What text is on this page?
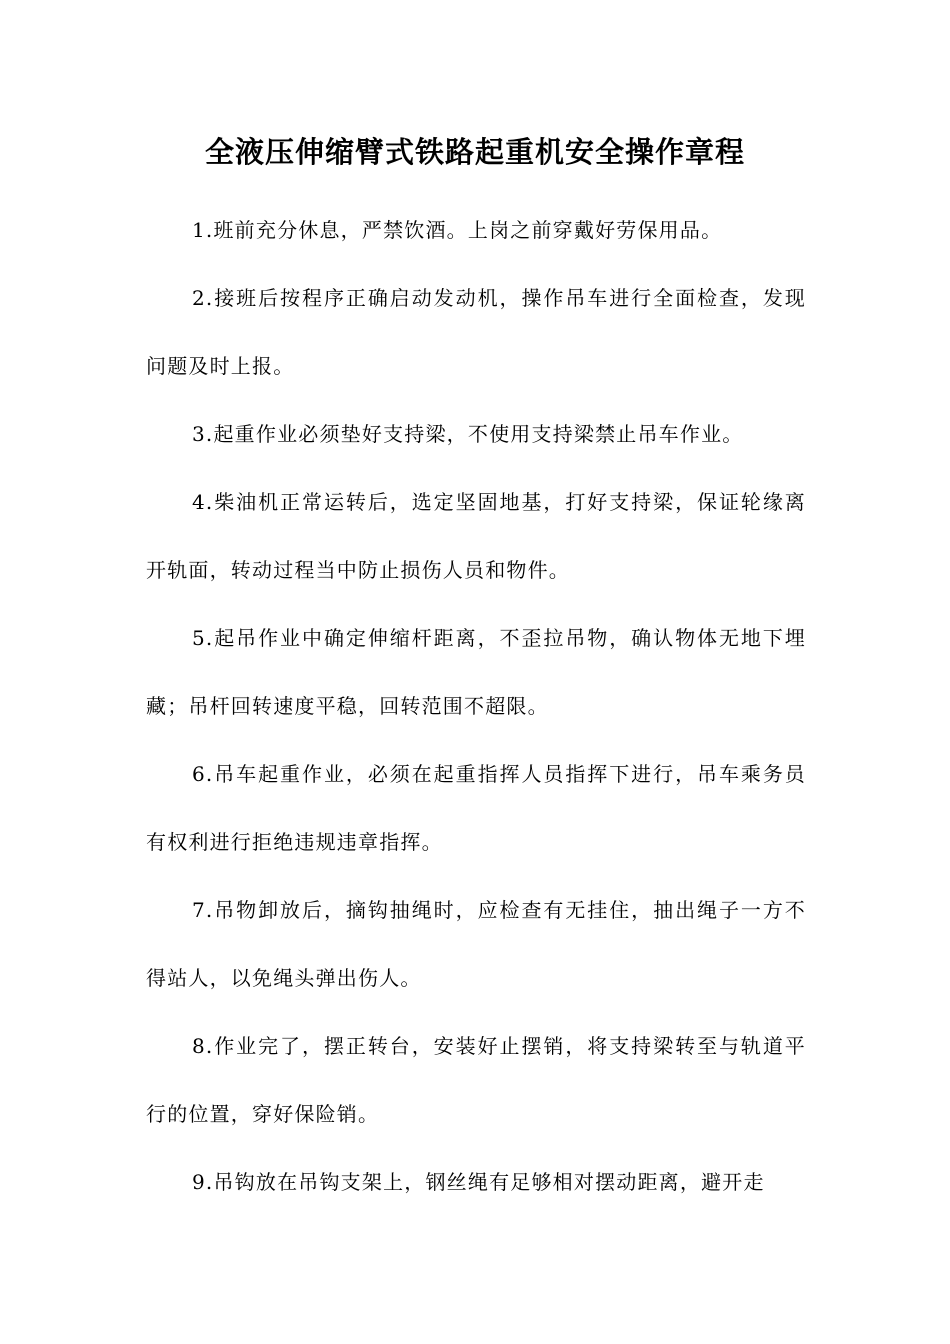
全液压伸缩臂式铁路起重机安全操作章程

1.班前充分休息，严禁饮酒。上岗之前穿戴好劳保用品。

2.接班后按程序正确启动发动机，操作吊车进行全面检查，发现问题及时上报。

3.起重作业必须垫好支持梁，不使用支持梁禁止吊车作业。

4.柴油机正常运转后，选定坚固地基，打好支持梁，保证轮缘离开轨面，转动过程当中防止损伤人员和物件。

5.起吊作业中确定伸缩杆距离，不歪拉吊物，确认物体无地下埋藏；吊杆回转速度平稳，回转范围不超限。

6.吊车起重作业，必须在起重指挥人员指挥下进行，吊车乘务员有权利进行拒绝违规违章指挥。

7.吊物卸放后，摘钩抽绳时，应检查有无挂住，抽出绳子一方不得站人，以免绳头弹出伤人。

8.作业完了，摆正转台，安装好止摆销，将支持梁转至与轨道平行的位置，穿好保险销。

9.吊钩放在吊钩支架上，钢丝绳有足够相对摆动距离，避开走
